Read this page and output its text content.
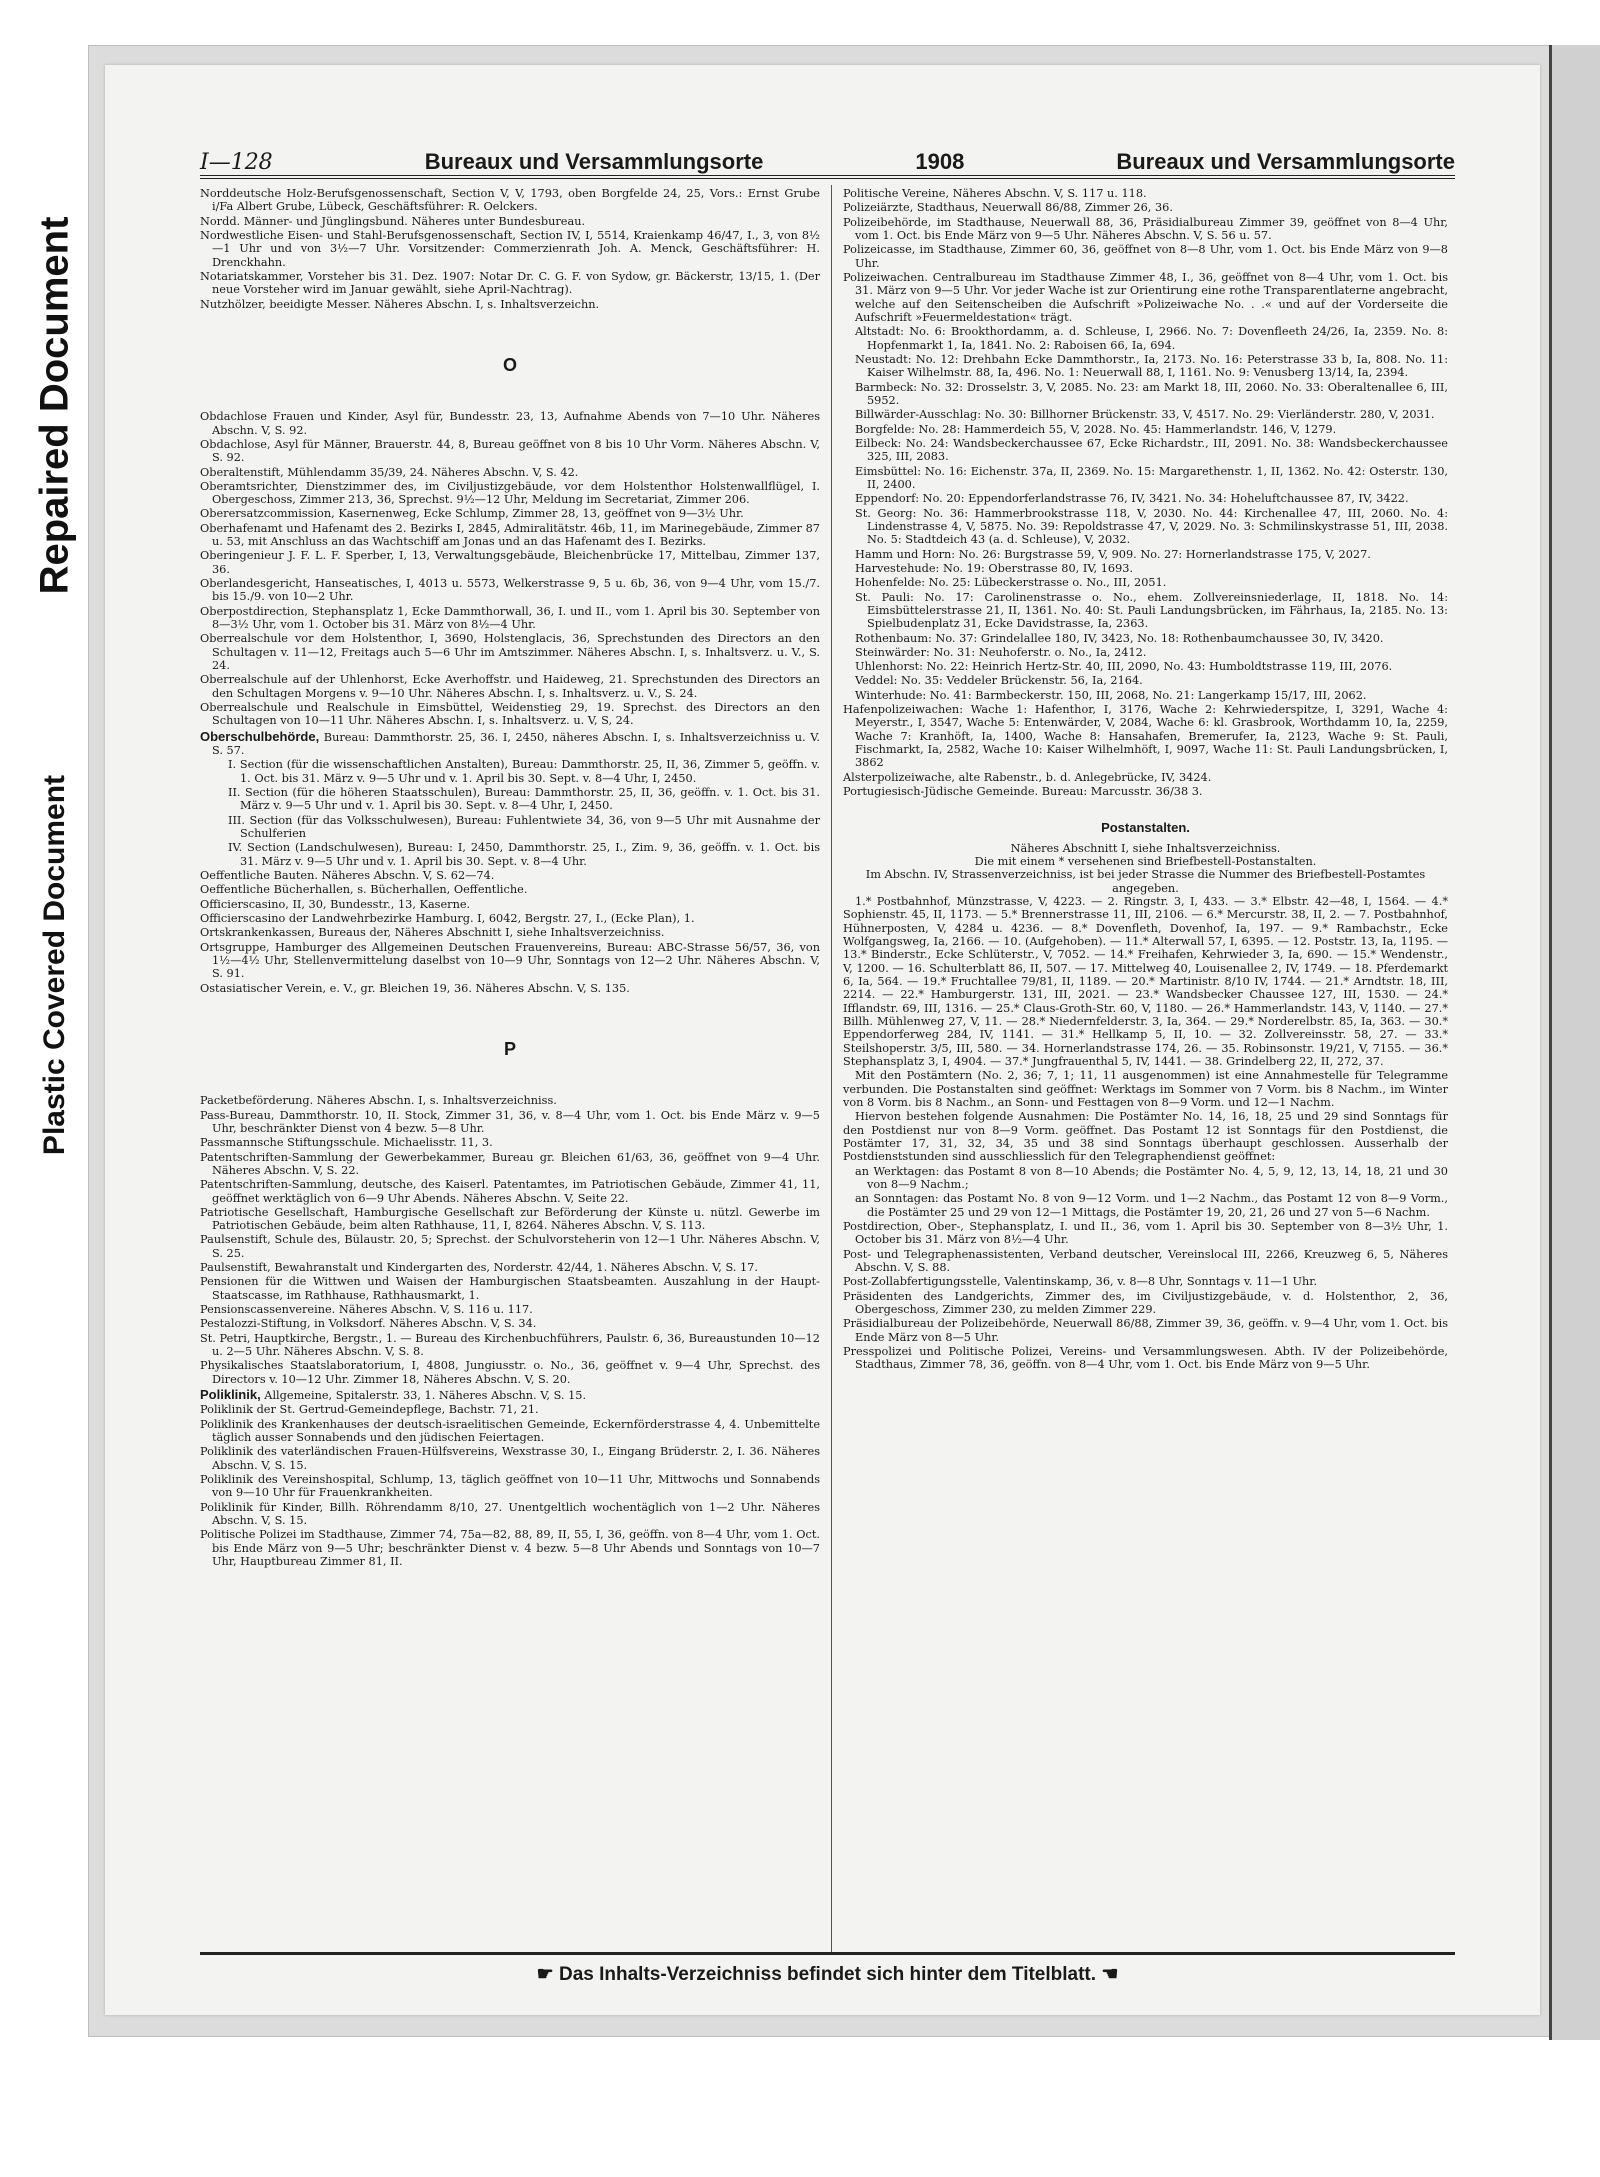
Repaired Document
Plastic Covered Document
I—128	Bureaux und Versammlungsorte	1908	Bureaux und Versammlungsorte
Norddeutsche Holz-Berufsgenossenschaft, Section V, V, 1793, oben Borgfelde 24, 25, Vors.: Ernst Grube i/Fa Albert Grube, Lübeck, Geschäftsführer: R. Oelckers.
Nordd. Männer- und Jünglingsbund. Näheres unter Bundesbureau.
Nordwestliche Eisen- und Stahl-Berufsgenossenschaft, Section IV, I, 5514, Kraienkamp 46/47, I., 3, von 8½—1 Uhr und von 3½—7 Uhr. Vorsitzender: Commerzienrath Joh. A. Menck, Geschäftsführer: H. Drenckhahn.
Notariatskammer, Vorsteher bis 31. Dez. 1907: Notar Dr. C. G. F. von Sydow, gr. Bäckerstr, 13/15, 1. (Der neue Vorsteher wird im Januar gewählt, siehe April-Nachtrag).
Nutzhölzer, beeidigte Messer. Näheres Abschn. I, s. Inhaltsverzeichn.
O
Obdachlose Frauen und Kinder, Asyl für, Bundesstr. 23, 13, Aufnahme Abends von 7—10 Uhr. Näheres Abschn. V, S. 92.
Obdachlose, Asyl für Männer, Brauerstr. 44, 8, Bureau geöffnet von 8 bis 10 Uhr Vorm. Näheres Abschn. V, S. 92.
Oberaltenstift, Mühlendamm 35/39, 24. Näheres Abschn. V, S. 42.
Oberamtsrichter, Dienstzimmer des, im Civiljustizgebäude, vor dem Holstenthor Holstenwallflügel, I. Obergeschoss, Zimmer 213, 36, Sprechst. 9½—12 Uhr, Meldung im Secretariat, Zimmer 206.
Oberersatzcommission, Kasernenweg, Ecke Schlump, Zimmer 28, 13, geöffnet von 9—3½ Uhr.
Oberhafenamt und Hafenamt des 2. Bezirks I, 2845, Admiralitätstr. 46b, 11, im Marinegebäude, Zimmer 87 u. 53, mit Anschluss an das Wachtschiff am Jonas und an das Hafenamt des I. Bezirks.
Oberingenieur J. F. L. F. Sperber, I, 13, Verwaltungsgebäude, Bleichenbrücke 17, Mittelbau, Zimmer 137, 36.
Oberlandesgericht, Hanseatisches, I, 4013 u. 5573, Welkerstrasse 9, 5 u. 6b, 36, von 9—4 Uhr, vom 15./7. bis 15./9. von 10—2 Uhr.
Oberpostdirection, Stephansplatz 1, Ecke Dammthorwall, 36, I. und II., vom 1. April bis 30. September von 8—3½ Uhr, vom 1. October bis 31. März von 8½—4 Uhr.
Oberrealschule vor dem Holstenthor, I, 3690, Holstenglacis, 36, Sprechstunden des Directors an den Schultagen v. 11—12, Freitags auch 5—6 Uhr im Amtszimmer. Näheres Abschn. I, s. Inhaltsverz. u. V., S. 24.
Oberrealschule auf der Uhlenhorst, Ecke Averhoffstr. und Haideweg, 21. Sprechstunden des Directors an den Schultagen Morgens v. 9—10 Uhr. Näheres Abschn. I, s. Inhaltsverz. u. V., S. 24.
Oberrealschule und Realschule in Eimsbüttel, Weidenstieg 29, 19. Sprechst. des Directors an den Schultagen von 10—11 Uhr. Näheres Abschn. I, s. Inhaltsverz. u. V, S, 24.
Oberschulbehörde, Bureau: Dammthorstr. 25, 36. I, 2450, näheres Abschn. I, s. Inhaltsverzeichniss u. V. S. 57.
I. Section (für die wissenschaftlichen Anstalten), Bureau: Dammthorstr. 25, II, 36, Zimmer 5, geöffn. v. 1. Oct. bis 31. März v. 9—5 Uhr und v. 1. April bis 30. Sept. v. 8—4 Uhr, I, 2450.
II. Section (für die höheren Staatsschulen), Bureau: Dammthorstr. 25, II, 36, geöffn. v. 1. Oct. bis 31. März v. 9—5 Uhr und v. 1. April bis 30. Sept. v. 8—4 Uhr, I, 2450.
III. Section (für das Volksschulwesen), Bureau: Fuhlentwiete 34, 36, von 9—5 Uhr mit Ausnahme der Schulferien
IV. Section (Landschulwesen), Bureau: I, 2450, Dammthorstr. 25, I., Zim. 9, 36, geöffn. v. 1. Oct. bis 31. März v. 9—5 Uhr und v. 1. April bis 30. Sept. v. 8—4 Uhr.
Oeffentliche Bauten. Näheres Abschn. V, S. 62—74.
Oeffentliche Bücherhallen, s. Bücherhallen, Oeffentliche.
Officierscasino, II, 30, Bundesstr., 13, Kaserne.
Officierscasino der Landwehrbezirke Hamburg. I, 6042, Bergstr. 27, I., (Ecke Plan), 1.
Ortskrankenkassen, Bureaus der, Näheres Abschnitt I, siehe Inhaltsverzeichniss.
Ortsgruppe, Hamburger des Allgemeinen Deutschen Frauenvereins, Bureau: ABC-Strasse 56/57, 36, von 1½—4½ Uhr, Stellenvermittelung daselbst von 10—9 Uhr, Sonntags von 12—2 Uhr. Näheres Abschn. V, S. 91.
Ostasiatischer Verein, e. V., gr. Bleichen 19, 36. Näheres Abschn. V, S. 135.
P
Packetbeförderung. Näheres Abschn. I, s. Inhaltsverzeichniss.
Pass-Bureau, Dammthorstr. 10, II. Stock, Zimmer 31, 36, v. 8—4 Uhr, vom 1. Oct. bis Ende März v. 9—5 Uhr, beschränkter Dienst von 4 bezw. 5—8 Uhr.
Passmannsche Stiftungsschule. Michaelisstr. 11, 3.
Patentschriften-Sammlung der Gewerbekammer, Bureau gr. Bleichen 61/63, 36, geöffnet von 9—4 Uhr. Näheres Abschn. V, S. 22.
Patentschriften-Sammlung, deutsche, des Kaiserl. Patentamtes, im Patriotischen Gebäude, Zimmer 41, 11, geöffnet werktäglich von 6—9 Uhr Abends. Näheres Abschn. V, Seite 22.
Patriotische Gesellschaft, Hamburgische Gesellschaft zur Beförderung der Künste u. nützl. Gewerbe im Patriotischen Gebäude, beim alten Rathhause, 11, I, 8264. Näheres Abschn. V, S. 113.
Paulsenstift, Schule des, Bülaustr. 20, 5; Sprechst. der Schulvorsteherin von 12—1 Uhr. Näheres Abschn. V, S. 25.
Paulsenstift, Bewahranstalt und Kindergarten des, Norderstr. 42/44, 1. Näheres Abschn. V, S. 17.
Pensionen für die Wittwen und Waisen der Hamburgischen Staatsbeamten. Auszahlung in der Haupt-Staatscasse, im Rathhause, Rathhausmarkt, 1.
Pensionscassenvereine. Näheres Abschn. V, S. 116 u. 117.
Pestalozzi-Stiftung, in Volksdorf. Näheres Abschn. V, S. 34.
St. Petri, Hauptkirche, Bergstr., 1. — Bureau des Kirchenbuchführers, Paulstr. 6, 36, Bureaustunden 10—12 u. 2—5 Uhr. Näheres Abschn. V, S. 8.
Physikalisches Staatslaboratorium, I, 4808, Jungiusstr. o. No., 36, geöffnet v. 9—4 Uhr, Sprechst. des Directors v. 10—12 Uhr. Zimmer 18, Näheres Abschn. V, S. 20.
Poliklinik, Allgemeine, Spitalerstr. 33, 1. Näheres Abschn. V, S. 15.
Poliklinik der St. Gertrud-Gemeindepflege, Bachstr. 71, 21.
Poliklinik des Krankenhauses der deutsch-israelitischen Gemeinde, Eckernförderstrasse 4, 4. Unbemittelte täglich ausser Sonnabends und den jüdischen Feiertagen.
Poliklinik des vaterländischen Frauen-Hülfsvereins, Wexstrasse 30, I., Eingang Brüderstr. 2, I. 36. Näheres Abschn. V, S. 15.
Poliklinik des Vereinshospital, Schlump, 13, täglich geöffnet von 10—11 Uhr, Mittwochs und Sonnabends von 9—10 Uhr für Frauenkrankheiten.
Poliklinik für Kinder, Billh. Röhrendamm 8/10, 27. Unentgeltlich wochentäglich von 1—2 Uhr. Näheres Abschn. V, S. 15.
Politische Polizei im Stadthause, Zimmer 74, 75a—82, 88, 89, II, 55, I, 36, geöffn. von 8—4 Uhr, vom 1. Oct. bis Ende März von 9—5 Uhr; beschränkter Dienst v. 4 bezw. 5—8 Uhr Abends und Sonntags von 10—7 Uhr, Hauptbureau Zimmer 81, II.
Politische Vereine, Näheres Abschn. V, S. 117 u. 118.
Polizeiärzte, Stadthaus, Neuerwall 86/88, Zimmer 26, 36.
Polizeibehörde, im Stadthause, Neuerwall 88, 36, Präsidialbureau Zimmer 39, geöffnet von 8—4 Uhr, vom 1. Oct. bis Ende März von 9—5 Uhr. Näheres Abschn. V, S. 56 u. 57.
Polizeicasse, im Stadthause, Zimmer 60, 36, geöffnet von 8—8 Uhr, vom 1. Oct. bis Ende März von 9—8 Uhr.
Polizeiwachen. Centralbureau im Stadthause Zimmer 48, I., 36, geöffnet von 8—4 Uhr, vom 1. Oct. bis 31. März von 9—5 Uhr. Vor jeder Wache ist zur Orientirung eine rothe Transparentlaterne angebracht, welche auf den Seitenscheiben die Aufschrift »Polizeiwache No. . .« und auf der Vorderseite die Aufschrift »Feuermeldestation« trägt.
Altstadt: No. 6: Brookthordamm, a. d. Schleuse, I, 2966. No. 7: Dovenfleeth 24/26, Ia, 2359. No. 8: Hopfenmarkt 1, Ia, 1841. No. 2: Raboisen 66, Ia, 694.
Neustadt: No. 12: Drehbahn Ecke Dammthorstr., Ia, 2173. No. 16: Peterstrasse 33 b, Ia, 808. No. 11: Kaiser Wilhelmstr. 88, Ia, 496. No. 1: Neuerwall 88, I, 1161. No. 9: Venusberg 13/14, Ia, 2394.
Barmbeck: No. 32: Drosselstr. 3, V, 2085. No. 23: am Markt 18, III, 2060. No. 33: Oberaltenallee 6, III, 5952.
Billwärder-Ausschlag: No. 30: Billhorner Brückenstr. 33, V, 4517. No. 29: Vierländerstr. 280, V, 2031.
Borgfelde: No. 28: Hammerdeich 55, V, 2028. No. 45: Hammerlandstr. 146, V, 1279.
Eilbeck: No. 24: Wandsbeckerchaussee 67, Ecke Richardstr., III, 2091. No. 38: Wandsbeckerchaussee 325, III, 2083.
Eimsbüttel: No. 16: Eichenstr. 37a, II, 2369. No. 15: Margarethenstr. 1, II, 1362. No. 42: Osterstr. 130, II, 2400.
Eppendorf: No. 20: Eppendorferlandstrasse 76, IV, 3421. No. 34: Hoheluftchaussee 87, IV, 3422.
St. Georg: No. 36: Hammerbrookstrasse 118, V, 2030. No. 44: Kirchenallee 47, III, 2060. No. 4: Lindenstrasse 4, V, 5875. No. 39: Repoldstrasse 47, V, 2029. No. 3: Schmilinskystrasse 51, III, 2038. No. 5: Stadtdeich 43 (a. d. Schleuse), V, 2032.
Hamm und Horn: No. 26: Burgstrasse 59, V, 909. No. 27: Hornerlandstrasse 175, V, 2027.
Harvestehude: No. 19: Oberstrasse 80, IV, 1693.
Hohenfelde: No. 25: Lübeckerstrasse o. No., III, 2051.
St. Pauli: No. 17: Carolinenstrasse o. No., ehem. Zollvereinsniederlage, II, 1818. No. 14: Eimsbüttelerstrasse 21, II, 1361. No. 40: St. Pauli Landungsbrücken, im Fährhaus, Ia, 2185. No. 13: Spielbudenplatz 31, Ecke Davidstrasse, Ia, 2363.
Rothenbaum: No. 37: Grindelallee 180, IV, 3423, No. 18: Rothenbaumchaussee 30, IV, 3420.
Steinwärder: No. 31: Neuhoferstr. o. No., Ia, 2412.
Uhlenhorst: No. 22: Heinrich Hertz-Str. 40, III, 2090, No. 43: Humboldtstrasse 119, III, 2076.
Veddel: No. 35: Veddeler Brückenstr. 56, Ia, 2164.
Winterhude: No. 41: Barmbeckerstr. 150, III, 2068, No. 21: Langerkamp 15/17, III, 2062.
Hafenpolizeiwachen: Wache 1: Hafenthor, I, 3176, Wache 2: Kehrwiederspitze, I, 3291, Wache 4: Meyerstr., I, 3547, Wache 5: Entenwärder, V, 2084, Wache 6: kl. Grasbrook, Worthdamm 10, Ia, 2259, Wache 7: Kranhöft, Ia, 1400, Wache 8: Hansahafen, Bremerufer, Ia, 2123, Wache 9: St. Pauli, Fischmarkt, Ia, 2582, Wache 10: Kaiser Wilhelmhöft, I, 9097, Wache 11: St. Pauli Landungsbrücken, I, 3862
Alsterpolizeiwache, alte Rabenstr., b. d. Anlegebrücke, IV, 3424.
Portugiesisch-Jüdische Gemeinde. Bureau: Marcusstr. 36/38 3.
Postanstalten.

Näheres Abschnitt I, siehe Inhaltsverzeichniss.

Die mit einem * versehenen sind Briefbestell-Postanstalten.

Im Abschn. IV, Strassenverzeichniss, ist bei jeder Strasse die Nummer des Briefbestell-Postamtes angegeben.

1.* Postbahnhof, Münzstrasse, V, 4223. — 2. Ringstr. 3, I, 433. — 3.* Elbstr. 42—48, I, 1564. — 4.* Sophienstr. 45, II, 1173. — 5.* Brennerstrasse 11, III, 2106. — 6.* Mercurstr. 38, II, 2. — 7. Postbahnhof, Hühnerposten, V, 4284 u. 4236. — 8.* Dovenfleth, Dovenhof, Ia, 197. — 9.* Rambachstr., Ecke Wolfgangsweg, Ia, 2166. — 10. (Aufgehoben). — 11.* Alterwall 57, I, 6395. — 12. Poststr. 13, Ia, 1195. — 13.* Binderstr., Ecke Schlüterstr., V, 7052. — 14.* Freihafen, Kehrwieder 3, Ia, 690. — 15.* Wendenstr., V, 1200. — 16. Schulterblatt 86, II, 507. — 17. Mittelweg 40, Louisenallee 2, IV, 1749. — 18. Pferdemarkt 6, Ia, 564. — 19.* Fruchtallee 79/81, II, 1189. — 20.* Martinistr. 8/10 IV, 1744. — 21.* Arndtstr. 18, III, 2214. — 22.* Hamburgerstr. 131, III, 2021. — 23.* Wandsbecker Chaussee 127, III, 1530. — 24.* Ifflandstr. 69, III, 1316. — 25.* Claus-Groth-Str. 60, V, 1180. — 26.* Hammerlandstr. 143, V, 1140. — 27.* Billh. Mühlenweg 27, V, 11. — 28.* Niedernfelderstr. 3, Ia, 364. — 29.* Norderelbstr. 85, Ia, 363. — 30.* Eppendorferweg 284, IV, 1141. — 31.* Hellkamp 5, II, 10. — 32. Zollvereinsstr. 58, 27. — 33.* Steilshoperstr. 3/5, III, 580. — 34. Hornerlandstrasse 174, 26. — 35. Robinsonstr. 19/21, V, 7155. — 36.* Stephansplatz 3, I, 4904. — 37.* Jungfrauenthal 5, IV, 1441. — 38. Grindelberg 22, II, 272, 37.
Mit den Postämtern (No. 2, 36; 7, 1; 11, 11 ausgenommen) ist eine Annahmestelle für Telegramme verbunden. Die Postanstalten sind geöffnet: Werktags im Sommer von 7 Vorm. bis 8 Nachm., im Winter von 8 Vorm. bis 8 Nachm., an Sonn- und Festtagen von 8—9 Vorm. und 12—1 Nachm.
Hiervon bestehen folgende Ausnahmen: Die Postämter No. 14, 16, 18, 25 und 29 sind Sonntags für den Postdienst nur von 8—9 Vorm. geöffnet. Das Postamt 12 ist Sonntags für den Postdienst, die Postämter 17, 31, 32, 34, 35 und 38 sind Sonntags überhaupt geschlossen. Ausserhalb der Postdienststunden sind ausschliesslich für den Telegraphendienst geöffnet:
an Werktagen: das Postamt 8 von 8—10 Abends; die Postämter No. 4, 5, 9, 12, 13, 14, 18, 21 und 30 von 8—9 Nachm.;
an Sonntagen: das Postamt No. 8 von 9—12 Vorm. und 1—2 Nachm., das Postamt 12 von 8—9 Vorm., die Postämter 25 und 29 von 12—1 Mittags, die Postämter 19, 20, 21, 26 und 27 von 5—6 Nachm.
Postdirection, Ober-, Stephansplatz, I. und II., 36, vom 1. April bis 30. September von 8—3½ Uhr, 1. October bis 31. März von 8½—4 Uhr.
Post- und Telegraphenassistenten, Verband deutscher, Vereinslocal III, 2266, Kreuzweg 6, 5, Näheres Abschn. V, S. 88.
Post-Zollabfertigungsstelle, Valentinskamp, 36, v. 8—8 Uhr, Sonntags v. 11—1 Uhr.
Präsidenten des Landgerichts, Zimmer des, im Civiljustizgebäude, v. d. Holstenthor, 2, 36, Obergeschoss, Zimmer 230, zu melden Zimmer 229.
Präsidialbureau der Polizeibehörde, Neuerwall 86/88, Zimmer 39, 36, geöffn. v. 9—4 Uhr, vom 1. Oct. bis Ende März von 8—5 Uhr.
Presspolizei und Politische Polizei, Vereins- und Versammlungswesen. Abth. IV der Polizeibehörde, Stadthaus, Zimmer 78, 36, geöffn. von 8—4 Uhr, vom 1. Oct. bis Ende März von 9—5 Uhr.
☛ Das Inhalts-Verzeichniss befindet sich hinter dem Titelblatt. ☚
